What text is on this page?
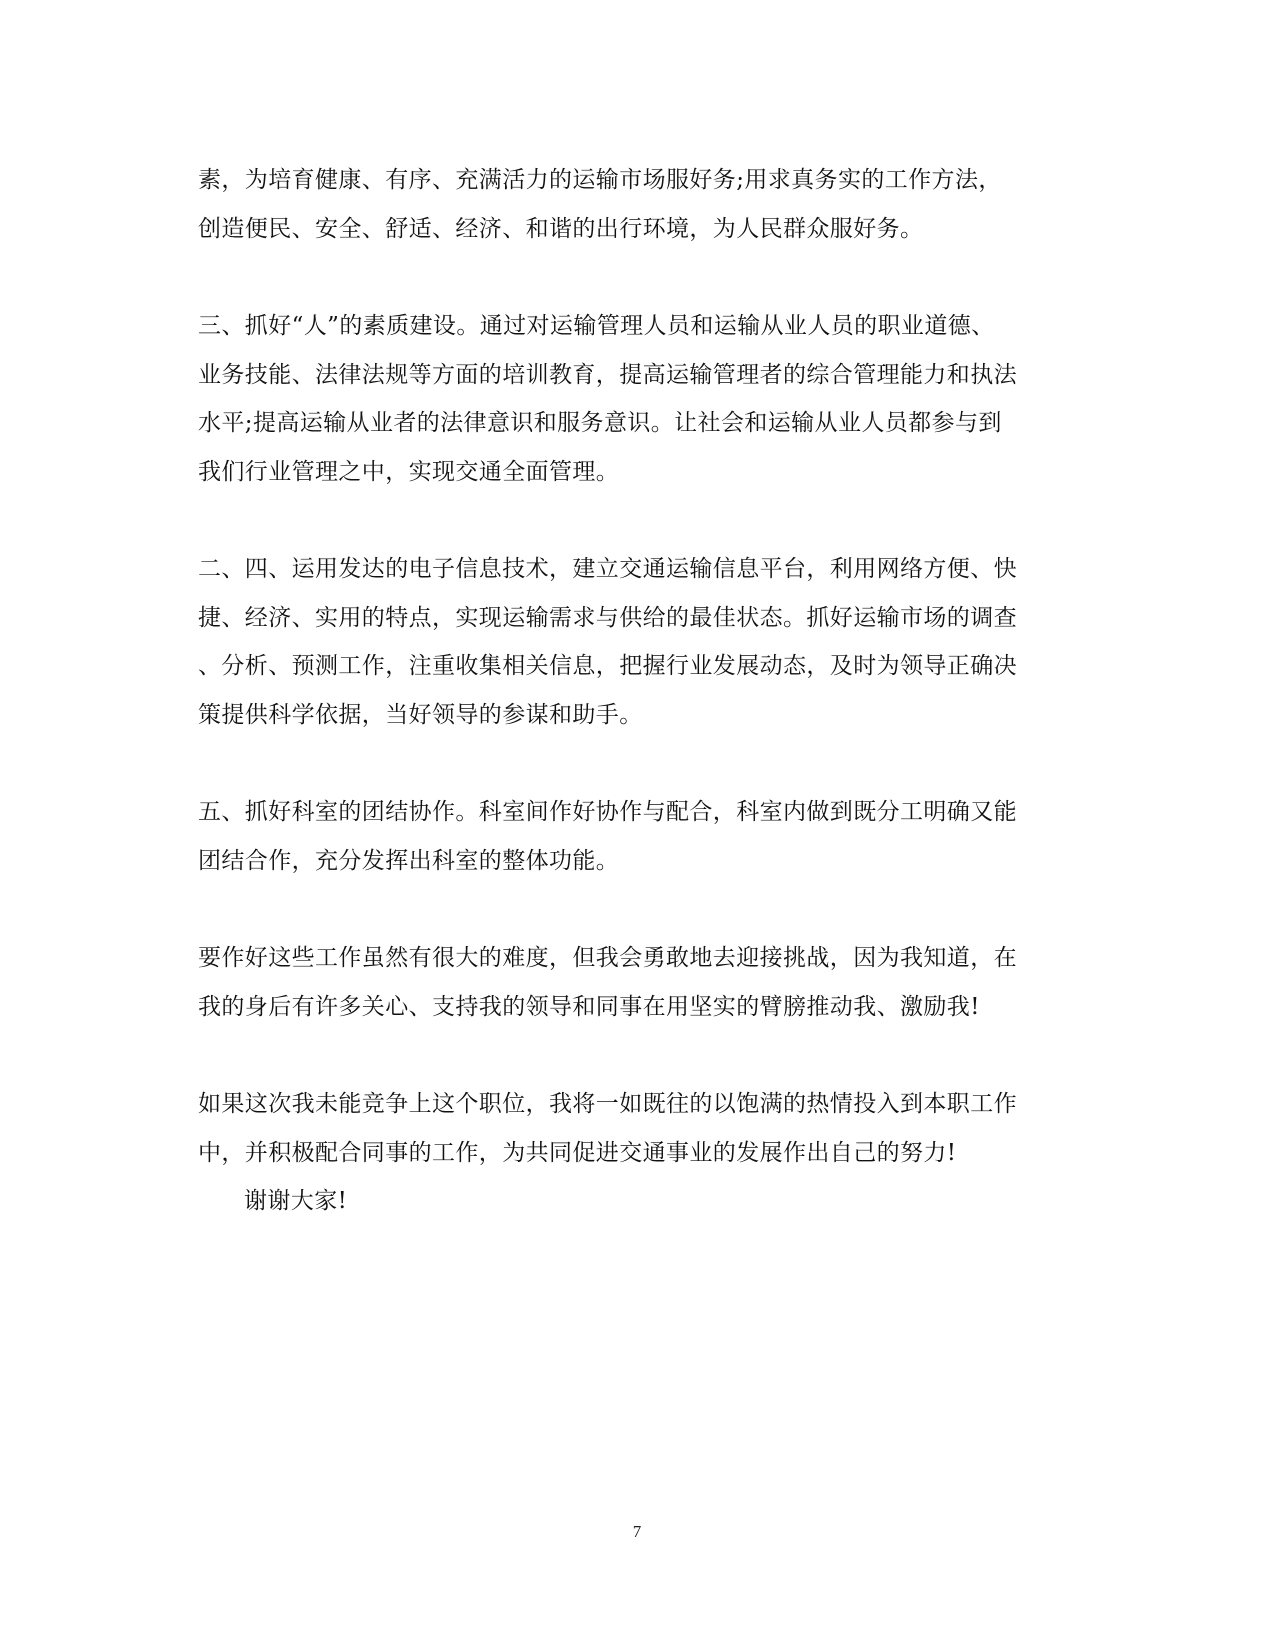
素，为培育健康、有序、充满活力的运输市场服好务;用求真务实的工作方法，
创造便民、安全、舒适、经济、和谐的出行环境，为人民群众服好务。

三、抓好“人”的素质建设。通过对运输管理人员和运输从业人员的职业道德、
业务技能、法律法规等方面的培训教育，提高运输管理者的综合管理能力和执法
水平;提高运输从业者的法律意识和服务意识。让社会和运输从业人员都参与到
我们行业管理之中，实现交通全面管理。

二、四、运用发达的电子信息技术，建立交通运输信息平台，利用网络方便、快
捷、经济、实用的特点，实现运输需求与供给的最佳状态。抓好运输市场的调查
、分析、预测工作，注重收集相关信息，把握行业发展动态，及时为领导正确决
策提供科学依据，当好领导的参谋和助手。

五、抓好科室的团结协作。科室间作好协作与配合，科室内做到既分工明确又能
团结合作，充分发挥出科室的整体功能。

要作好这些工作虽然有很大的难度，但我会勇敢地去迎接挑战，因为我知道，在
我的身后有许多关心、支持我的领导和同事在用坚实的臂膀推动我、激励我!

如果这次我未能竞争上这个职位，我将一如既往的以饱满的热情投入到本职工作
中，并积极配合同事的工作，为共同促进交通事业的发展作出自己的努力!

谢谢大家!

7
